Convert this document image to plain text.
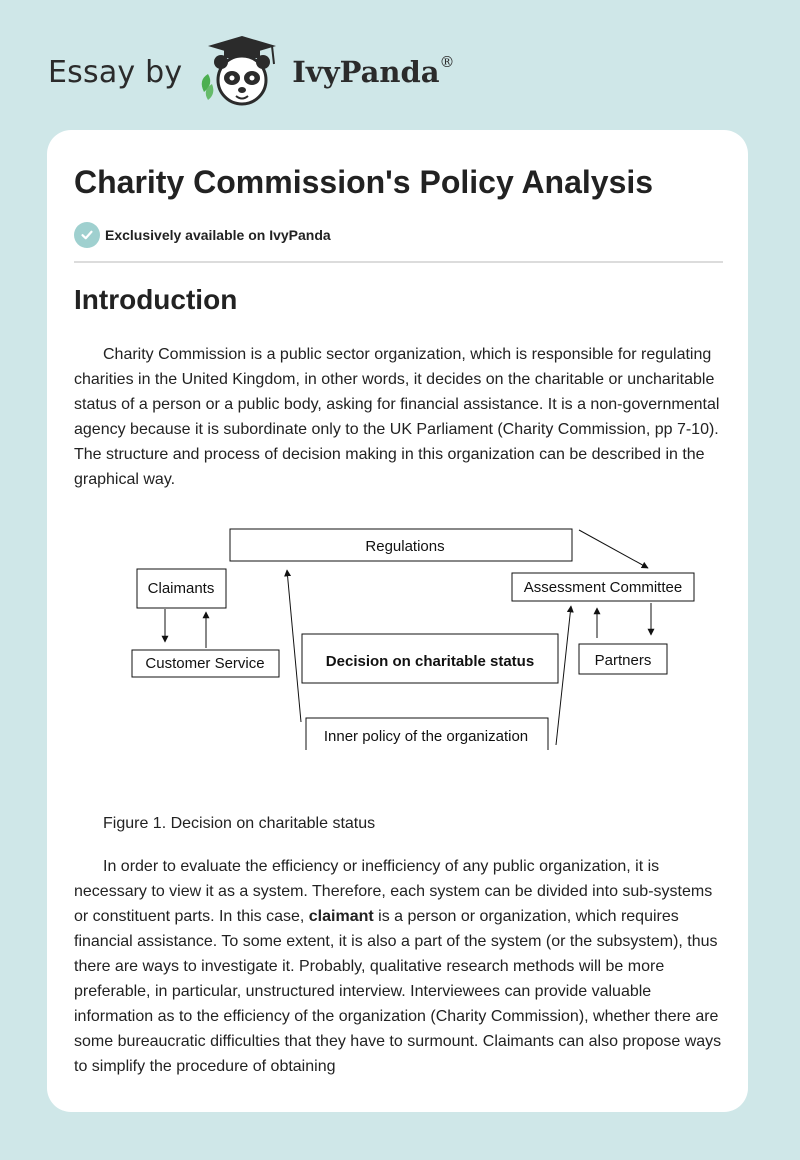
Essay by	IvyPanda®
Charity Commission's Policy Analysis
Exclusively available on IvyPanda
Introduction

Charity Commission is a public sector organization, which is responsible for regulating charities in the United Kingdom, in other words, it decides on the charitable or uncharitable status of a person or a public body, asking for financial assistance. It is a non-governmental agency because it is subordinate only to the UK Parliament (Charity Commission, pp 7-10). The structure and process of decision making in this organization can be described in the graphical way.

Regulations
Claimants	Assessment Committee
Customer Service	Decision on charitable status	Partners
Inner policy of the organization

Figure 1. Decision on charitable status

In order to evaluate the efficiency or inefficiency of any public organization, it is necessary to view it as a system. Therefore, each system can be divided into sub-systems or constituent parts. In this case, claimant is a person or organization, which requires financial assistance. To some extent, it is also a part of the system (or the subsystem), thus there are ways to investigate it. Probably, qualitative research methods will be more preferable, in particular, unstructured interview. Interviewees can provide valuable information as to the efficiency of the organization (Charity Commission), whether there are some bureaucratic difficulties that they have to surmount. Claimants can also propose ways to simplify the procedure of obtaining
